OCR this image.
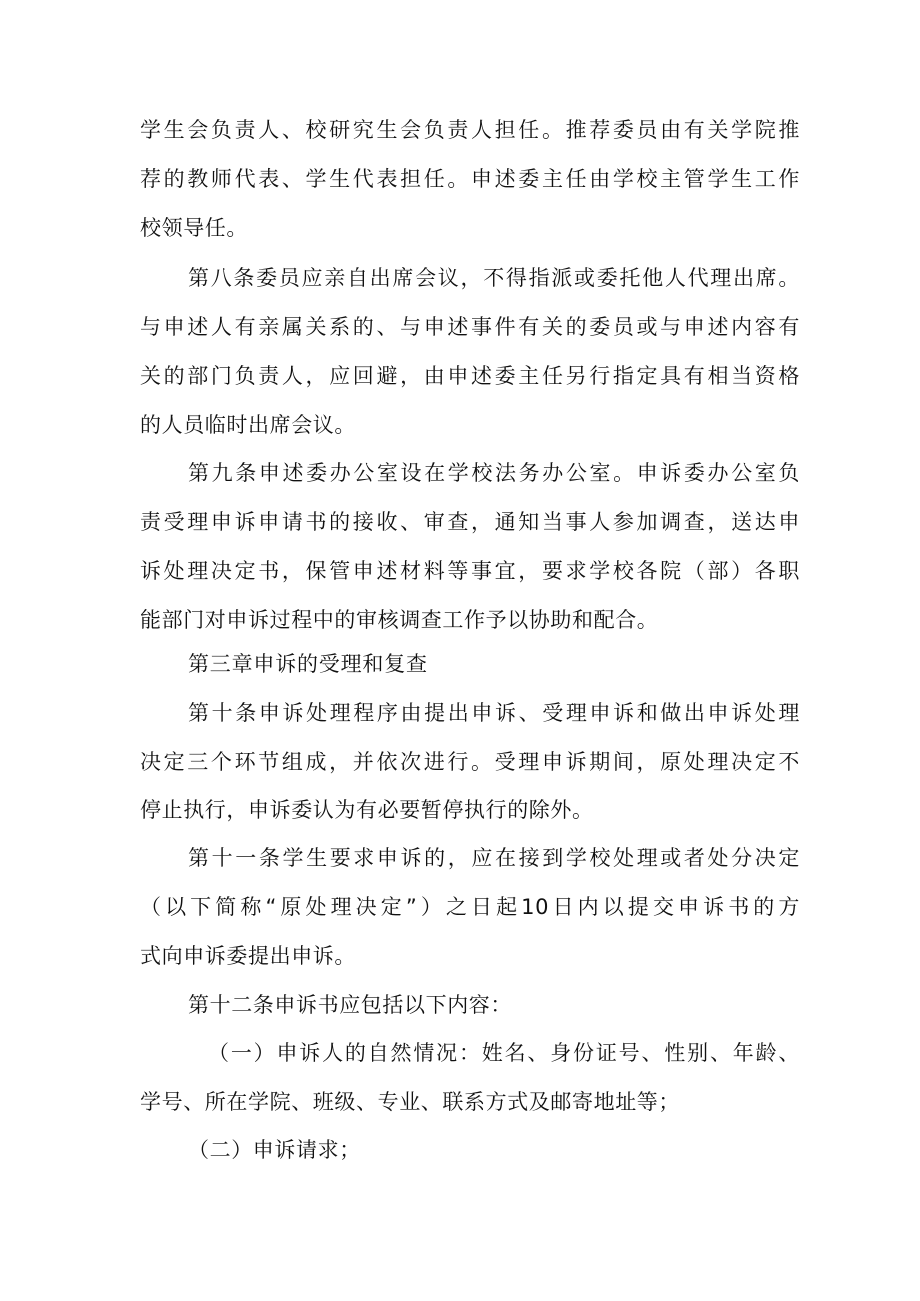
学生会负责人、校研究生会负责人担任。推荐委员由有关学院推
荐的教师代表、学生代表担任。申述委主任由学校主管学生工作
校领导任。
第八条委员应亲自出席会议，不得指派或委托他人代理出席。
与申述人有亲属关系的、与申述事件有关的委员或与申述内容有
关的部门负责人，应回避，由申述委主任另行指定具有相当资格
的人员临时出席会议。
第九条申述委办公室设在学校法务办公室。申诉委办公室负
责受理申诉申请书的接收、审查，通知当事人参加调查，送达申
诉处理决定书，保管申述材料等事宜，要求学校各院（部）各职
能部门对申诉过程中的审核调查工作予以协助和配合。
第三章申诉的受理和复查
第十条申诉处理程序由提出申诉、受理申诉和做出申诉处理
决定三个环节组成，并依次进行。受理申诉期间，原处理决定不
停止执行，申诉委认为有必要暂停执行的除外。
第十一条学生要求申诉的，应在接到学校处理或者处分决定
（以下简称“原处理决定”）之日起10日内以提交申诉书的方
式向申诉委提出申诉。
第十二条申诉书应包括以下内容：
（一）申诉人的自然情况：姓名、身份证号、性别、年龄、
学号、所在学院、班级、专业、联系方式及邮寄地址等；
（二）申诉请求；
